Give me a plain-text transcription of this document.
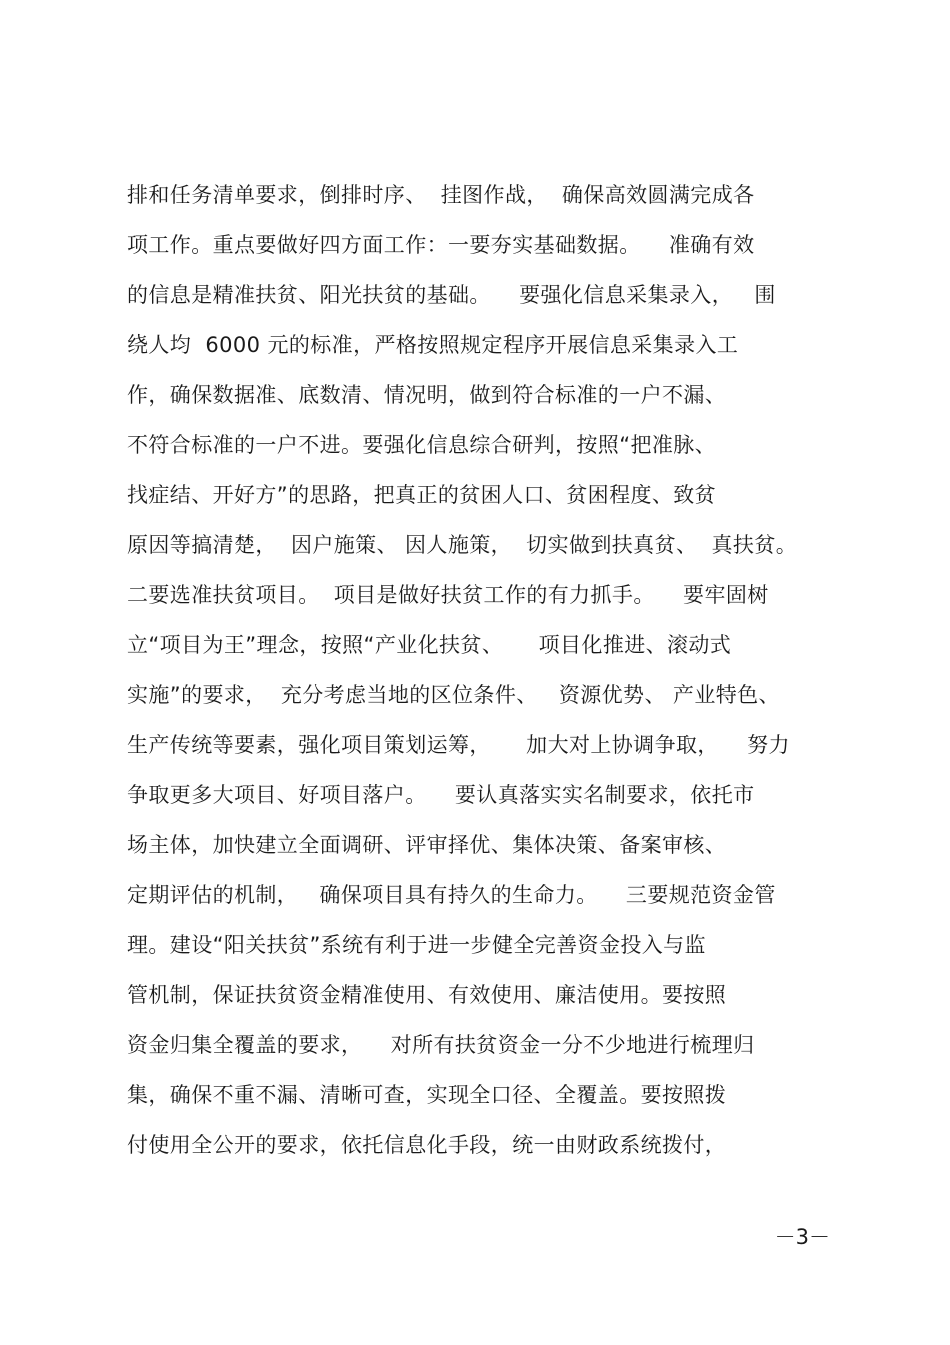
排和任务清单要求，倒排时序、  挂图作战，  确保高效圆满完成各
项工作。重点要做好四方面工作：一要夯实基础数据。    准确有效
的信息是精准扶贫、阳光扶贫的基础。    要强化信息采集录入，   围
绕人均  6000 元的标准，严格按照规定程序开展信息采集录入工
作，确保数据准、底数清、情况明，做到符合标准的一户不漏、
不符合标准的一户不进。要强化信息综合研判，按照“把准脉、
找症结、开好方”的思路，把真正的贫困人口、贫困程度、致贫
原因等搞清楚，  因户施策、 因人施策，  切实做到扶真贫、  真扶贫。
二要选准扶贫项目。  项目是做好扶贫工作的有力抓手。    要牢固树
立“项目为王”理念，按照“产业化扶贫、     项目化推进、滚动式
实施”的要求，  充分考虑当地的区位条件、   资源优势、 产业特色、
生产传统等要素，强化项目策划运筹，     加大对上协调争取，    努力
争取更多大项目、好项目落户。    要认真落实实名制要求，依托市
场主体，加快建立全面调研、评审择优、集体决策、备案审核、
定期评估的机制，   确保项目具有持久的生命力。    三要规范资金管
理。建设“阳关扶贫”系统有利于进一步健全完善资金投入与监
管机制，保证扶贫资金精准使用、有效使用、廉洁使用。要按照
资金归集全覆盖的要求，    对所有扶贫资金一分不少地进行梳理归
集，确保不重不漏、清晰可查，实现全口径、全覆盖。要按照拨
付使用全公开的要求，依托信息化手段，统一由财政系统拨付，
－3－
